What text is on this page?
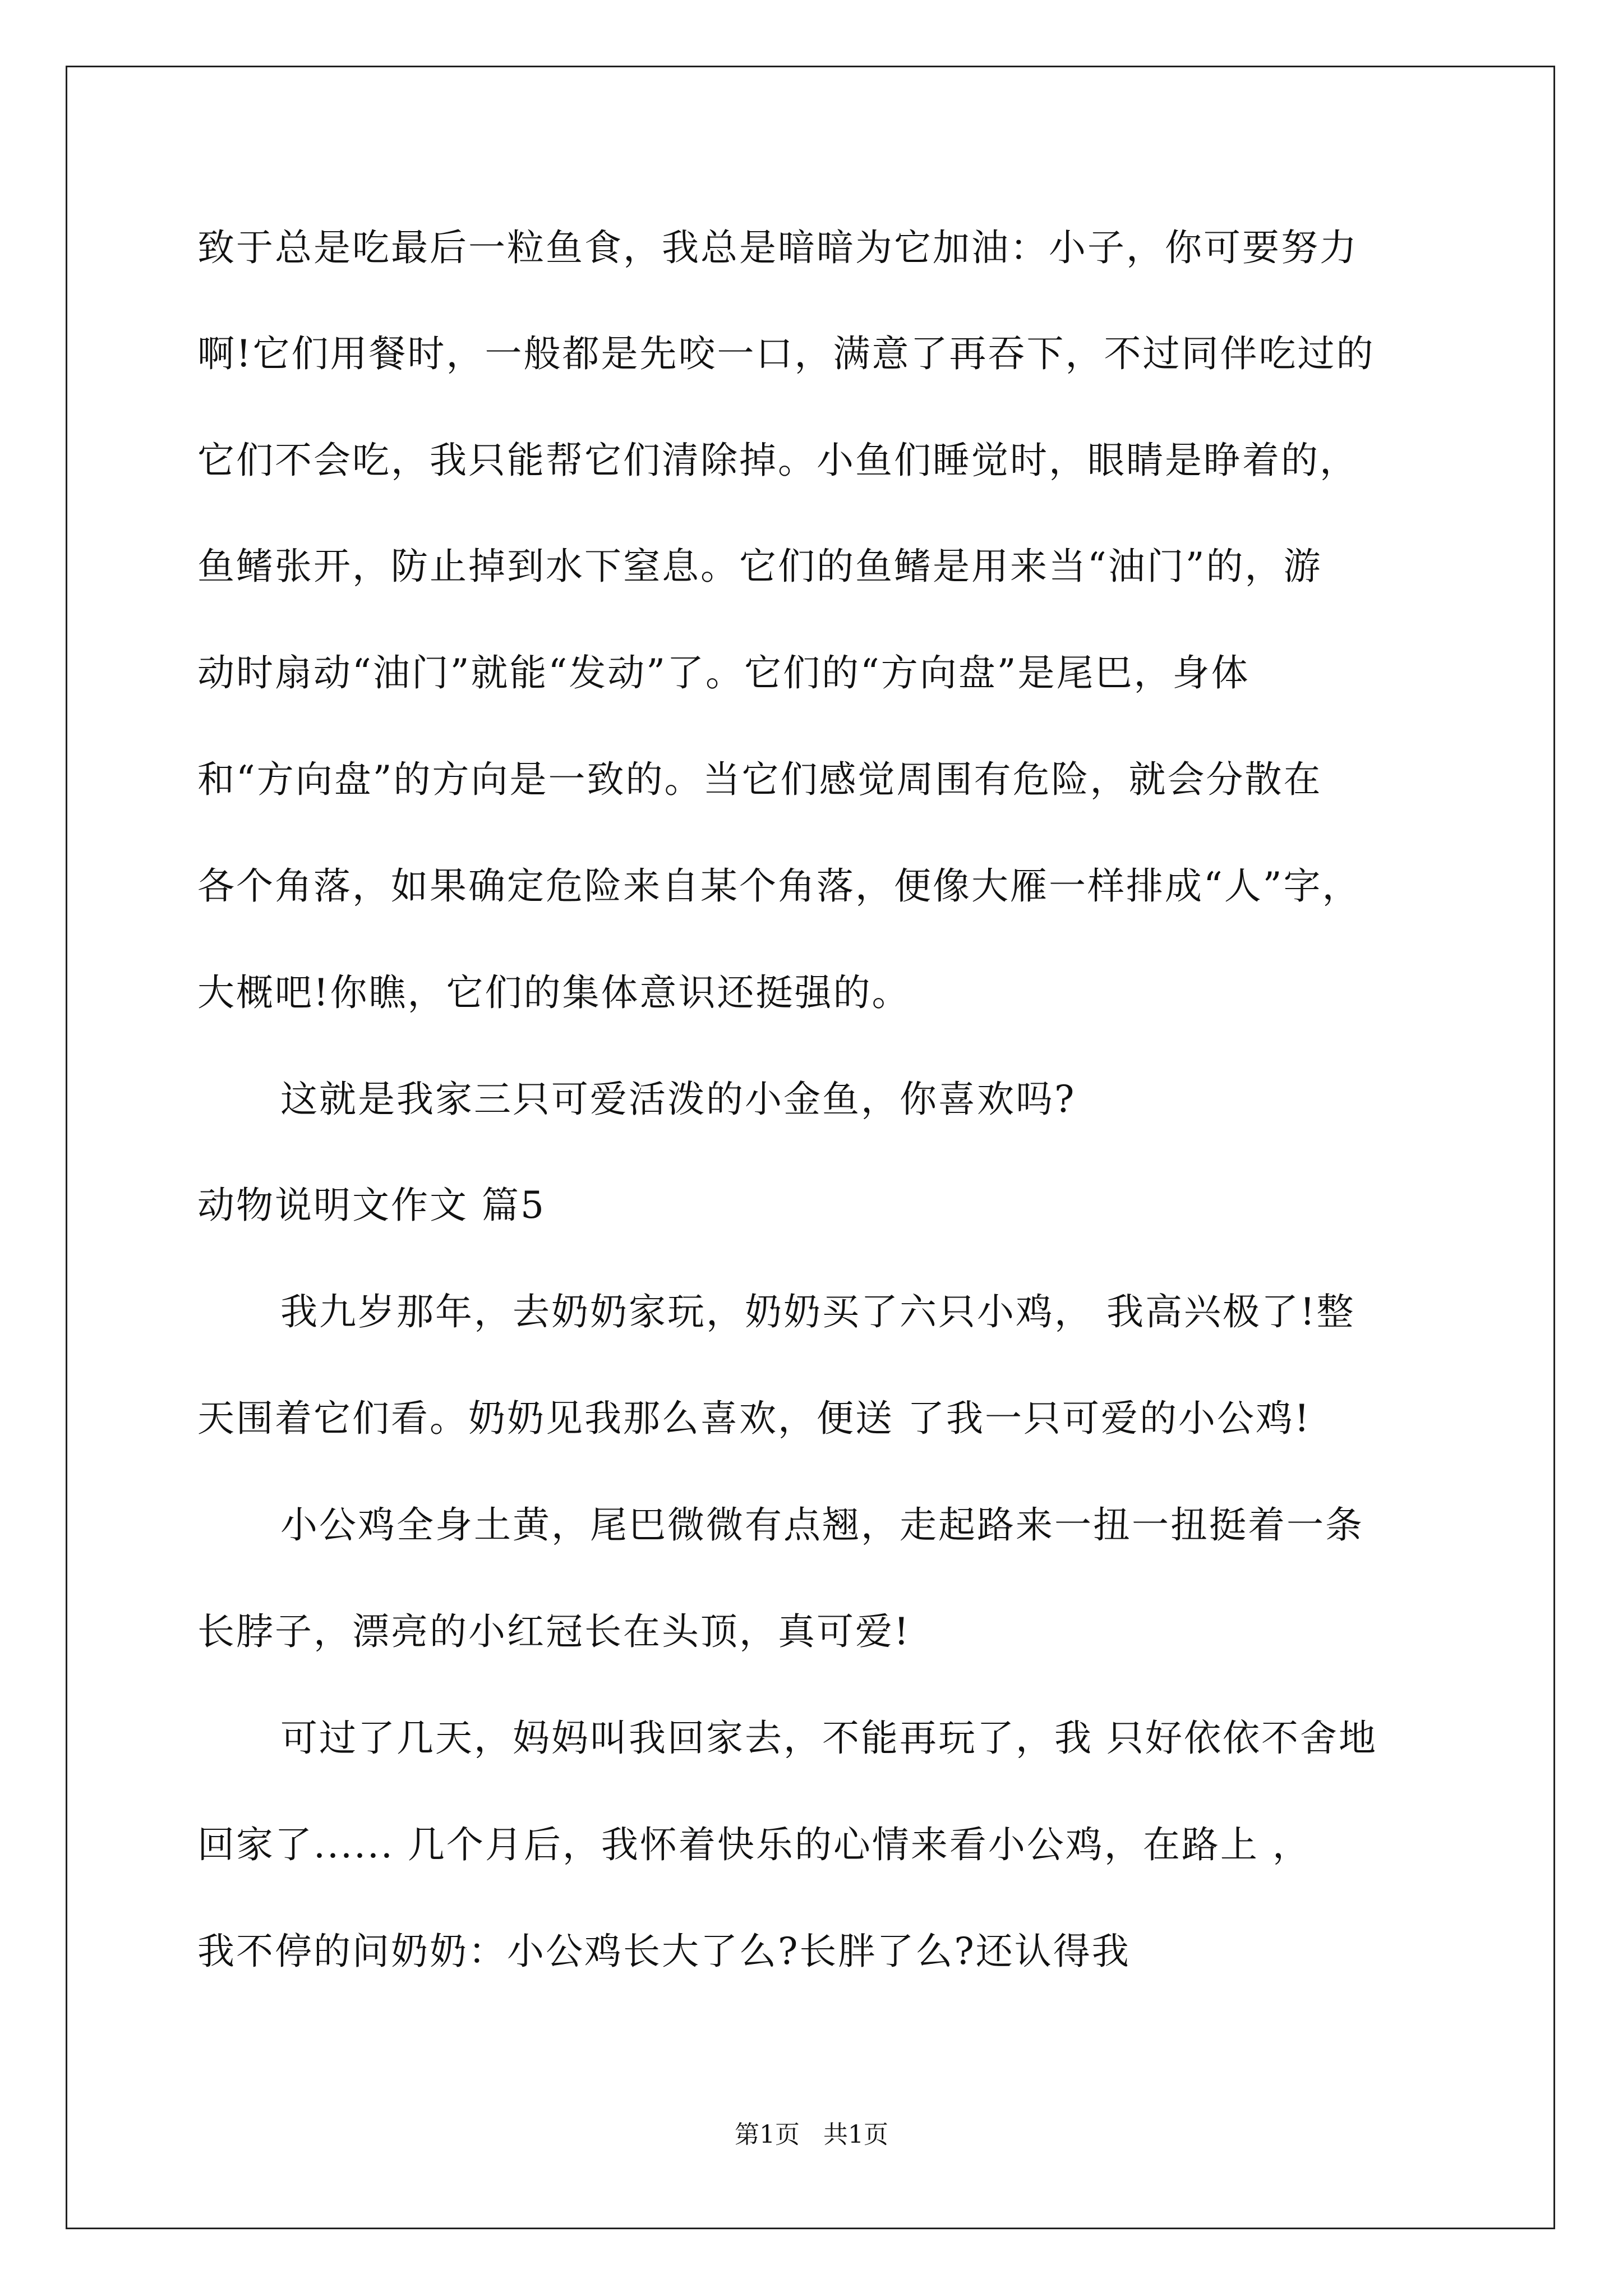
致于总是吃最后一粒鱼食，我总是暗暗为它加油：小子，你可要努力
啊!它们用餐时，一般都是先咬一口，满意了再吞下，不过同伴吃过的
它们不会吃，我只能帮它们清除掉。小鱼们睡觉时，眼睛是睁着的，
鱼鳍张开，防止掉到水下窒息。它们的鱼鳍是用来当“油门”的，游
动时扇动“油门”就能“发动”了。它们的“方向盘”是尾巴，身体
和“方向盘”的方向是一致的。当它们感觉周围有危险，就会分散在
各个角落，如果确定危险来自某个角落，便像大雁一样排成“人”字，
大概吧!你瞧，它们的集体意识还挺强的。
这就是我家三只可爱活泼的小金鱼，你喜欢吗?
动物说明文作文 篇5
我九岁那年，去奶奶家玩，奶奶买了六只小鸡， 我高兴极了!整
天围着它们看。奶奶见我那么喜欢，便送 了我一只可爱的小公鸡!
小公鸡全身土黄，尾巴微微有点翘，走起路来一扭一扭挺着一条
长脖子，漂亮的小红冠长在头顶，真可爱!
可过了几天，妈妈叫我回家去，不能再玩了，我 只好依依不舍地
回家了...... 几个月后，我怀着快乐的心情来看小公鸡，在路上 ，
我不停的问奶奶：小公鸡长大了么?长胖了么?还认得我
第1页   共1页
